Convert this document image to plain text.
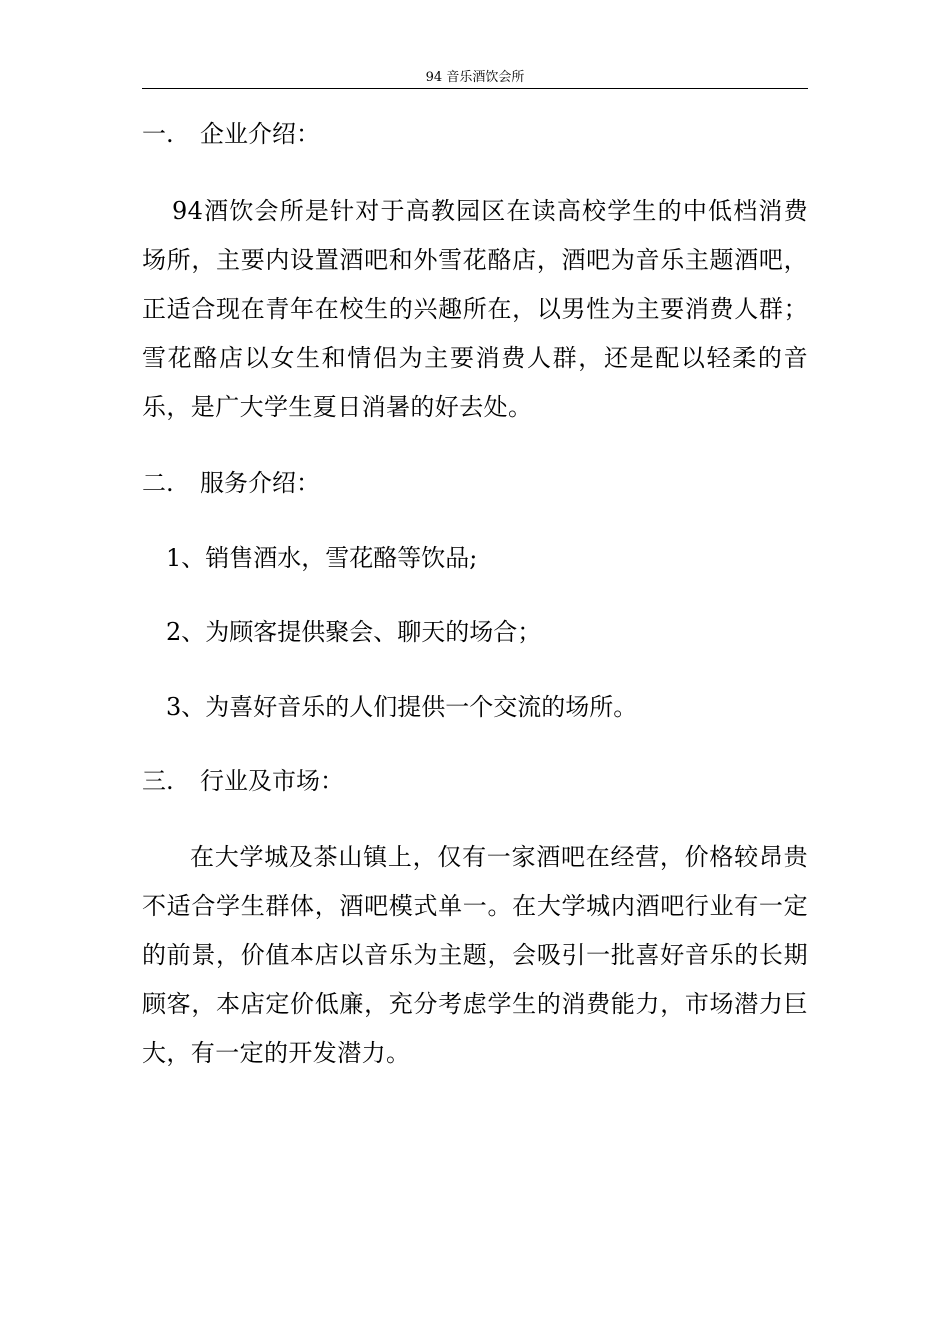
94 音乐酒饮会所
一. 企业介绍：
94酒饮会所是针对于高教园区在读高校学生的中低档消费场所，主要内设置酒吧和外雪花酪店，酒吧为音乐主题酒吧，正适合现在青年在校生的兴趣所在，以男性为主要消费人群；雪花酪店以女生和情侣为主要消费人群，还是配以轻柔的音乐，是广大学生夏日消暑的好去处。
二. 服务介绍：
1、销售酒水，雪花酪等饮品;
2、为顾客提供聚会、聊天的场合；
3、为喜好音乐的人们提供一个交流的场所。
三. 行业及市场：
在大学城及茶山镇上，仅有一家酒吧在经营，价格较昂贵不适合学生群体，酒吧模式单一。在大学城内酒吧行业有一定的前景，价值本店以音乐为主题，会吸引一批喜好音乐的长期顾客，本店定价低廉，充分考虑学生的消费能力，市场潜力巨大，有一定的开发潜力。
